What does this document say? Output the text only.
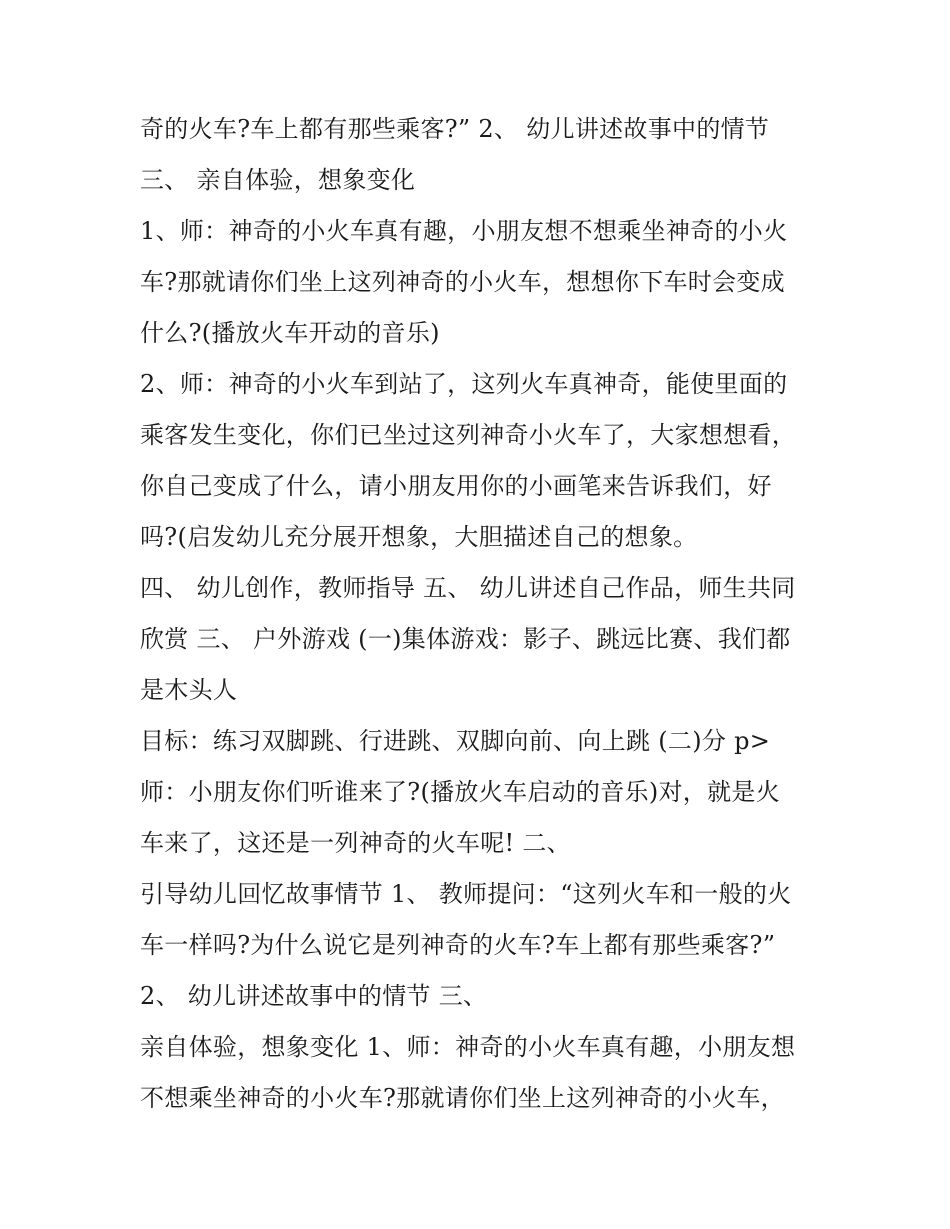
奇的火车?车上都有那些乘客?” 2、 幼儿讲述故事中的情节
三、 亲自体验，想象变化
1、师：神奇的小火车真有趣，小朋友想不想乘坐神奇的小火
车?那就请你们坐上这列神奇的小火车，想想你下车时会变成
什么?(播放火车开动的音乐)
2、师：神奇的小火车到站了，这列火车真神奇，能使里面的
乘客发生变化，你们已坐过这列神奇小火车了，大家想想看，
你自己变成了什么，请小朋友用你的小画笔来告诉我们，好
吗?(启发幼儿充分展开想象，大胆描述自己的想象。
四、 幼儿创作，教师指导 五、 幼儿讲述自己作品，师生共同
欣赏 三、 户外游戏 (一)集体游戏：影子、跳远比赛、我们都
是木头人
目标：练习双脚跳、行进跳、双脚向前、向上跳 (二)分 p>
师：小朋友你们听谁来了?(播放火车启动的音乐)对，就是火
车来了，这还是一列神奇的火车呢! 二、
引导幼儿回忆故事情节 1、 教师提问：“这列火车和一般的火
车一样吗?为什么说它是列神奇的火车?车上都有那些乘客?”
2、 幼儿讲述故事中的情节 三、
亲自体验，想象变化 1、师：神奇的小火车真有趣，小朋友想
不想乘坐神奇的小火车?那就请你们坐上这列神奇的小火车，
